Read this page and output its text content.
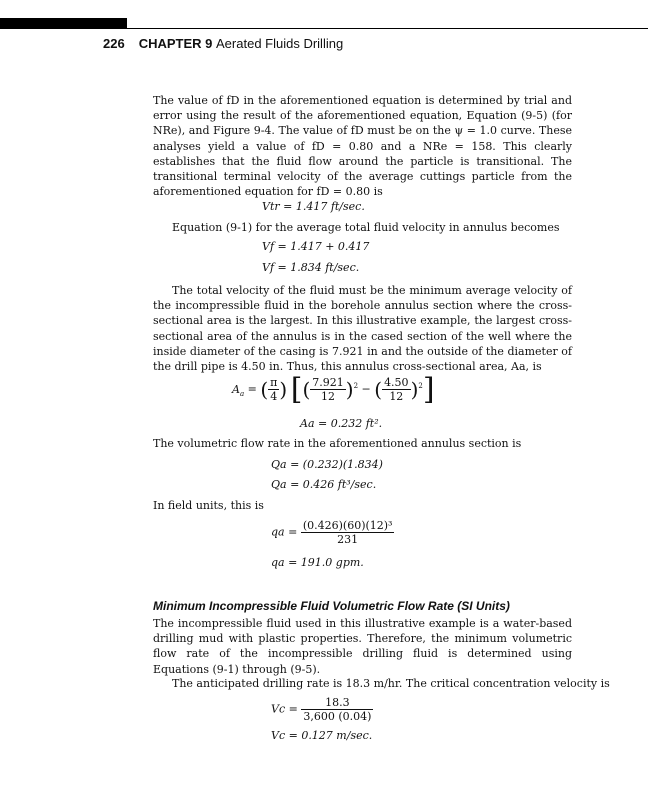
226 CHAPTER 9 Aerated Fluids Drilling

The value of fD in the aforementioned equation is determined by trial and error using the result of the aforementioned equation, Equation (9-5) (for NRe), and Figure 9-4. The value of fD must be on the ψ = 1.0 curve. These analyses yield a value of fD = 0.80 and a NRe = 158. This clearly establishes that the fluid flow around the particle is transitional. The transitional terminal velocity of the average cuttings particle from the aforementioned equation for fD = 0.80 is

Vtr = 1.417 ft/sec.
Equation (9-1) for the average total fluid velocity in annulus becomes
Vf = 1.417 + 0.417
Vf = 1.834 ft/sec.

The total velocity of the fluid must be the minimum average velocity of the incompressible fluid in the borehole annulus section where the cross-sectional area is the largest. In this illustrative example, the largest cross-sectional area of the annulus is in the cased section of the well where the inside diameter of the casing is 7.921 in and the outside of the diameter of the drill pipe is 4.50 in. Thus, this annulus cross-sectional area, Aa, is

$A_a$ = ( $\frac{\pi}{4}$ ) [( $\frac{7.921}{12} )^2$ − ( $\frac{4.50}{12} )^2$]
Aa = 0.232 ft².
The volumetric flow rate in the aforementioned annulus section is
Qa = (0.232)(1.834)
Qa = 0.426 ft³/sec.
In field units, this is
qa = $\frac{\text{(0.426)(60)(12)³}}{231}$
qa = 191.0 gpm.
Minimum Incompressible Fluid Volumetric Flow Rate (SI Units)

The incompressible fluid used in this illustrative example is a water-based drilling mud with plastic properties. Therefore, the minimum volumetric flow rate of the incompressible drilling fluid is determined using Equations (9-1) through (9-5).

The anticipated drilling rate is 18.3 m/hr. The critical concentration velocity is
$Vc = \frac{18.3}{3,600 (0.04)}$
Vc = 0.127 m/sec.
